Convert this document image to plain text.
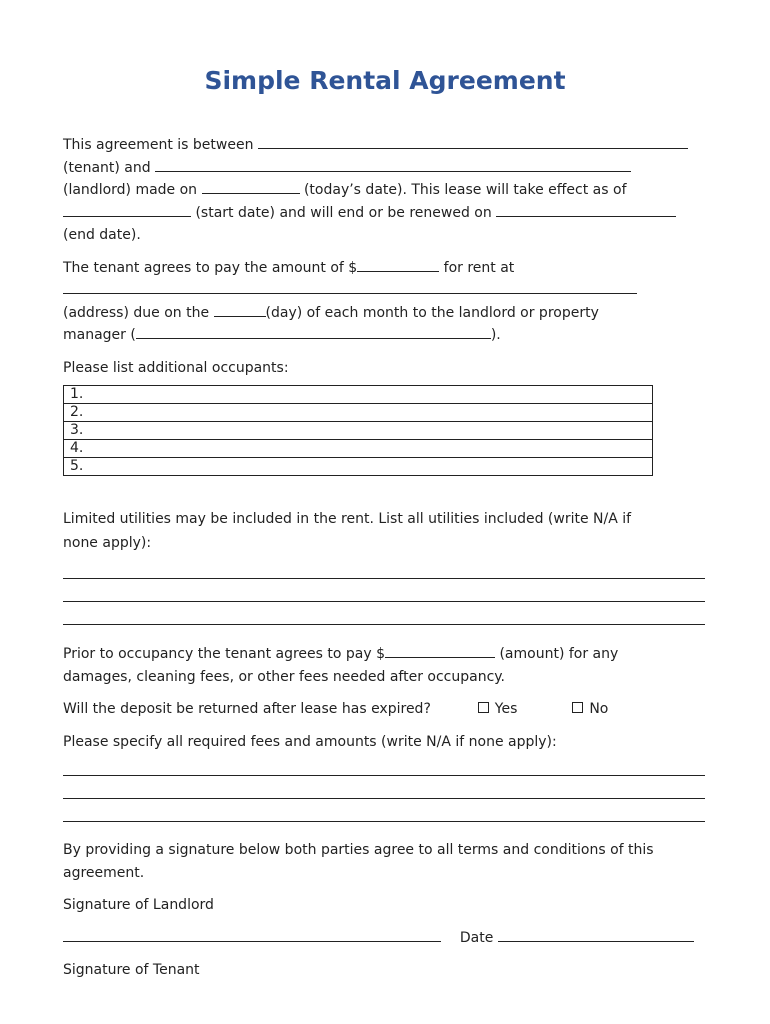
Simple Rental Agreement
This agreement is between
(tenant) and
(landlord) made on	(today’s date). This lease will take effect as of
(start date) and will end or be renewed on
(end date).
The tenant agrees to pay the amount of $	for rent at
(address) due on the	(day) of each month to the landlord or property
manager (	).
Please list additional occupants:
1.
2.
3.
4.
5.
Limited utilities may be included in the rent. List all utilities included (write N/A if
none apply):
Prior to occupancy the tenant agrees to pay $	(amount) for any
damages, cleaning fees, or other fees needed after occupancy.
Will the deposit be returned after lease has expired?	Yes	No
Please specify all required fees and amounts (write N/A if none apply):
By providing a signature below both parties agree to all terms and conditions of this
agreement.
Signature of Landlord
Date
Signature of Tenant
